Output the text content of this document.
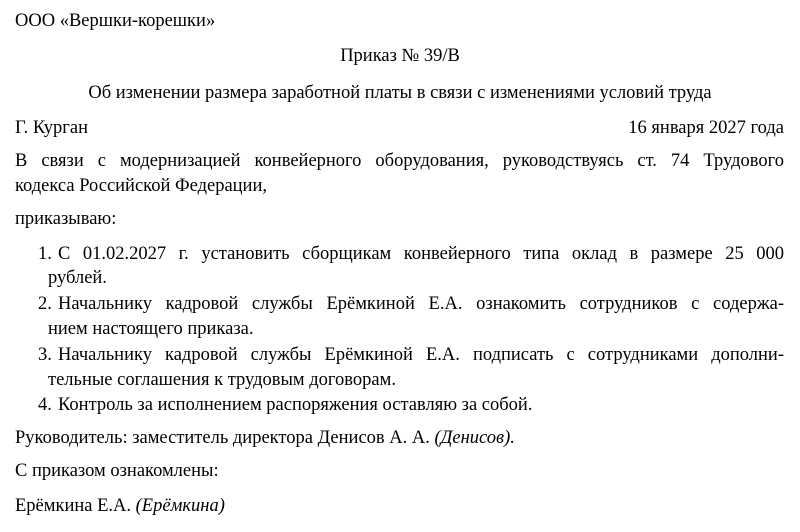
ООО «Вершки-корешки»
Приказ № 39/В
Об изменении размера заработной платы в связи с изменениями условий труда
Г. Курган	16 января 2027 года
В связи с модернизацией конвейерного оборудования, руководствуясь ст. 74 Трудового
кодекса Российской Федерации,
приказываю:
1. С 01.02.2027 г. установить сборщикам конвейерного типа оклад в размере 25 000
рублей.
2. Начальнику кадровой службы Ерёмкиной Е.А. ознакомить сотрудников с содержа-
нием настоящего приказа.
3. Начальнику кадровой службы Ерёмкиной Е.А. подписать с сотрудниками дополни-
тельные соглашения к трудовым договорам.
4. Контроль за исполнением распоряжения оставляю за собой.
Руководитель: заместитель директора Денисов А. А. (Денисов).
С приказом ознакомлены:
Ерёмкина Е.А. (Ерёмкина)
